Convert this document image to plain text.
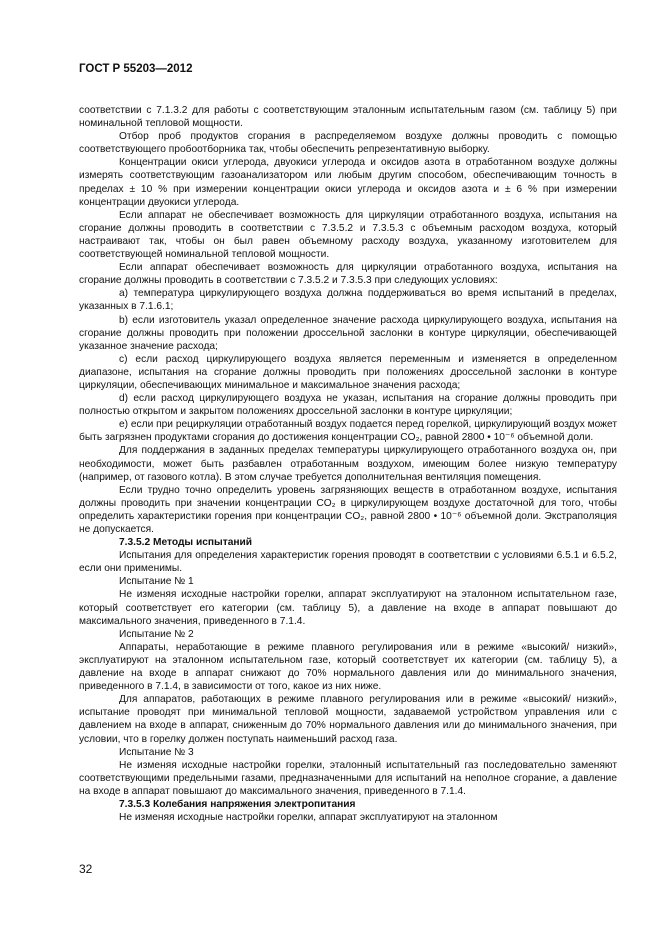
ГОСТ Р 55203—2012

соответствии с 7.1.3.2 для работы с соответствующим эталонным испытательным газом (см. таблицу 5) при номинальной тепловой мощности.

Отбор проб продуктов сгорания в распределяемом воздухе должны проводить с помощью соответствующего пробоотборника так, чтобы обеспечить репрезентативную выборку.

Концентрации окиси углерода, двуокиси углерода и оксидов азота в отработанном воздухе должны измерять соответствующим газоанализатором или любым другим способом, обеспечивающим точность в пределах ± 10 % при измерении концентрации окиси углерода и оксидов азота и ± 6 % при измерении концентрации двуокиси углерода.

Если аппарат не обеспечивает возможность для циркуляции отработанного воздуха, испытания на сгорание должны проводить в соответствии с 7.3.5.2 и 7.3.5.3 с объемным расходом воздуха, который настраивают так, чтобы он был равен объемному расходу воздуха, указанному изготовителем для соответствующей номинальной тепловой мощности.

Если аппарат обеспечивает возможность для циркуляции отработанного воздуха, испытания на сгорание должны проводить в соответствии с 7.3.5.2 и 7.3.5.3 при следующих условиях:

а) температура циркулирующего воздуха должна поддерживаться во время испытаний в пределах, указанных в 7.1.6.1;

b) если изготовитель указал определенное значение расхода циркулирующего воздуха, испытания на сгорание должны проводить при положении дроссельной заслонки в контуре циркуляции, обеспечивающей указанное значение расхода;

с) если расход циркулирующего воздуха является переменным и изменяется в определенном диапазоне, испытания на сгорание должны проводить при положениях дроссельной заслонки в контуре циркуляции, обеспечивающих минимальное и максимальное значения расхода;

d) если расход циркулирующего воздуха не указан, испытания на сгорание должны проводить при полностью открытом и закрытом положениях дроссельной заслонки в контуре циркуляции;

е) если при рециркуляции отработанный воздух подается перед горелкой, циркулирующий воздух может быть загрязнен продуктами сгорания до достижения концентрации CO₂, равной 2800 • 10⁻⁶ объемной доли.

Для поддержания в заданных пределах температуры циркулирующего отработанного воздуха он, при необходимости, может быть разбавлен отработанным воздухом, имеющим более низкую температуру (например, от газового котла). В этом случае требуется дополнительная вентиляция помещения.

Если трудно точно определить уровень загрязняющих веществ в отработанном воздухе, испытания должны проводить при значении концентрации CO₂ в циркулирующем воздухе достаточной для того, чтобы определить характеристики горения при концентрации CO₂, равной 2800 • 10⁻⁶ объемной доли. Экстраполяция не допускается.

7.3.5.2 Методы испытаний

Испытания для определения характеристик горения проводят в соответствии с условиями 6.5.1 и 6.5.2, если они применимы.

Испытание № 1

Не изменяя исходные настройки горелки, аппарат эксплуатируют на эталонном испытательном газе, который соответствует его категории (см. таблицу 5), а давление на входе в аппарат повышают до максимального значения, приведенного в 7.1.4.

Испытание № 2

Аппараты, неработающие в режиме плавного регулирования или в режиме «высокий/ низкий», эксплуатируют на эталонном испытательном газе, который соответствует их категории (см. таблицу 5), а давление на входе в аппарат снижают до 70% нормального давления или до минимального значения, приведенного в 7.1.4, в зависимости от того, какое из них ниже.

Для аппаратов, работающих в режиме плавного регулирования или в режиме «высокий/ низкий», испытание проводят при минимальной тепловой мощности, задаваемой устройством управления или с давлением на входе в аппарат, сниженным до 70% нормального давления или до минимального значения, при условии, что в горелку должен поступать наименьший расход газа.

Испытание № 3

Не изменяя исходные настройки горелки, эталонный испытательный газ последовательно заменяют соответствующими предельными газами, предназначенными для испытаний на неполное сгорание, а давление на входе в аппарат повышают до максимального значения, приведенного в 7.1.4.

7.3.5.3 Колебания напряжения электропитания

Не изменяя исходные настройки горелки, аппарат эксплуатируют на эталонном

32
